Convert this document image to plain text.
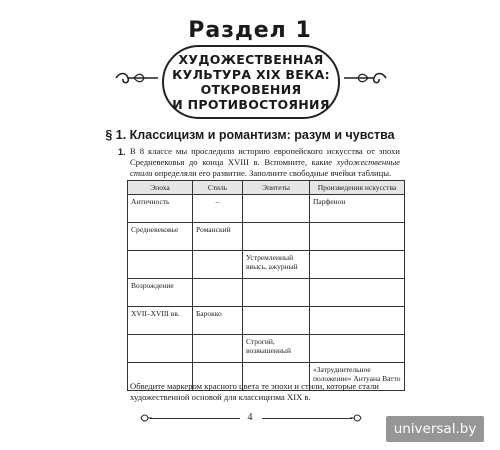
Раздел 1
ХУДОЖЕСТВЕННАЯ
КУЛЬТУРА XIX ВЕКА:
ОТКРОВЕНИЯ
И ПРОТИВОСТОЯНИЯ
§ 1. Классицизм и романтизм: разум и чувства
1. В 8 классе мы проследили историю европейского искусства от эпохи Средневековья до конца XVIII в. Вспомните, какие художественные стили определяли его развитие. Заполните свободные ячейки таблицы.
Эпоха	Стиль	Эпитеты	Произведения искусства
Античность	–		Парфенон
Средневековье	Романский		
		Устремленный ввысь, ажурный	
Возрождение			
XVII–XVIII вв.	Барокко		
		Строгий, возвышенный	
			«Затруднительное положение» Антуана Ватто
Обведите маркером красного цвета те эпохи и стили, которые стали художественной основой для классицизма XIX в.
4
universal.by
